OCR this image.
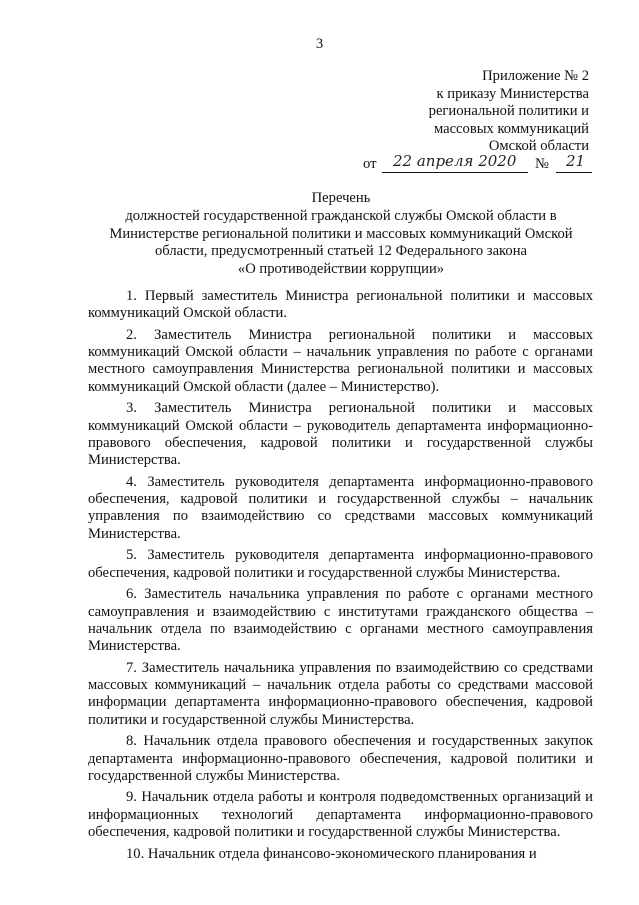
3
Приложение № 2
к приказу Министерства
региональной политики и
массовых коммуникаций
Омской области
от 22 апреля 2020 № 21
Перечень
должностей государственной гражданской службы Омской области в
Министерстве региональной политики и массовых коммуникаций Омской
области, предусмотренный статьей 12 Федерального закона
«О противодействии коррупции»

1. Первый заместитель Министра региональной политики и массовых коммуникаций Омской области.

2. Заместитель Министра региональной политики и массовых коммуникаций Омской области – начальник управления по работе с органами местного самоуправления Министерства региональной политики и массовых коммуникаций Омской области (далее – Министерство).

3. Заместитель Министра региональной политики и массовых коммуникаций Омской области – руководитель департамента информационно-правового обеспечения, кадровой политики и государственной службы Министерства.

4. Заместитель руководителя департамента информационно-правового обеспечения, кадровой политики и государственной службы – начальник управления по взаимодействию со средствами массовых коммуникаций Министерства.

5. Заместитель руководителя департамента информационно-правового обеспечения, кадровой политики и государственной службы Министерства.

6. Заместитель начальника управления по работе с органами местного самоуправления и взаимодействию с институтами гражданского общества – начальник отдела по взаимодействию с органами местного самоуправления Министерства.

7. Заместитель начальника управления по взаимодействию со средствами массовых коммуникаций – начальник отдела работы со средствами массовой информации департамента информационно-правового обеспечения, кадровой политики и государственной службы Министерства.

8. Начальник отдела правового обеспечения и государственных закупок департамента информационно-правового обеспечения, кадровой политики и государственной службы Министерства.

9. Начальник отдела работы и контроля подведомственных организаций и информационных технологий департамента информационно-правового обеспечения, кадровой политики и государственной службы Министерства.

10. Начальник отдела финансово-экономического планирования и
